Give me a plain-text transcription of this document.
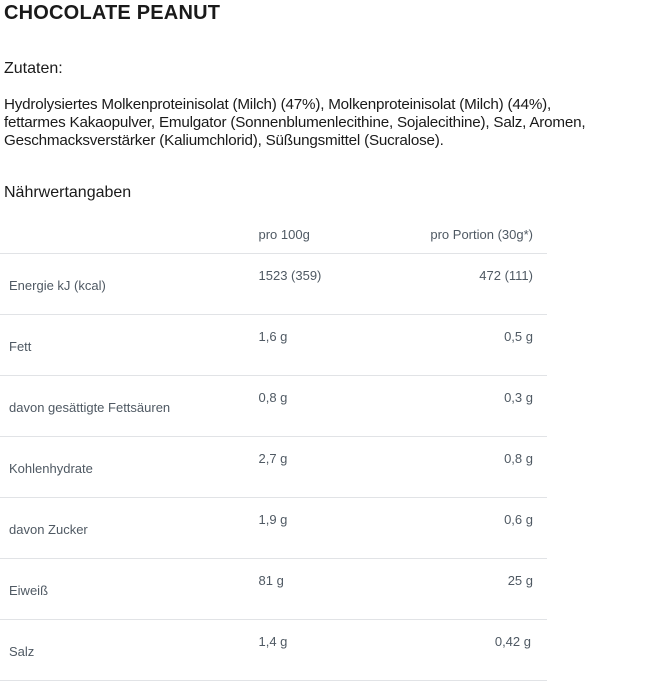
CHOCOLATE PEANUT
Zutaten:
Hydrolysiertes Molkenproteinisolat (Milch) (47%), Molkenproteinisolat (Milch) (44%),
fettarmes Kakaopulver, Emulgator (Sonnenblumenlecithine, Sojalecithine), Salz, Aromen,
Geschmacksverstärker (Kaliumchlorid), Süßungsmittel (Sucralose).
Nährwertangaben
	pro 100g	pro Portion (30g*)
Energie kJ (kcal)	1523 (359)	472 (111)
Fett	1,6 g	0,5 g
davon gesättigte Fettsäuren	0,8 g	0,3 g
Kohlenhydrate	2,7 g	0,8 g
davon Zucker	1,9 g	0,6 g
Eiweiß	81 g	25 g
Salz	1,4 g	0,42 g
